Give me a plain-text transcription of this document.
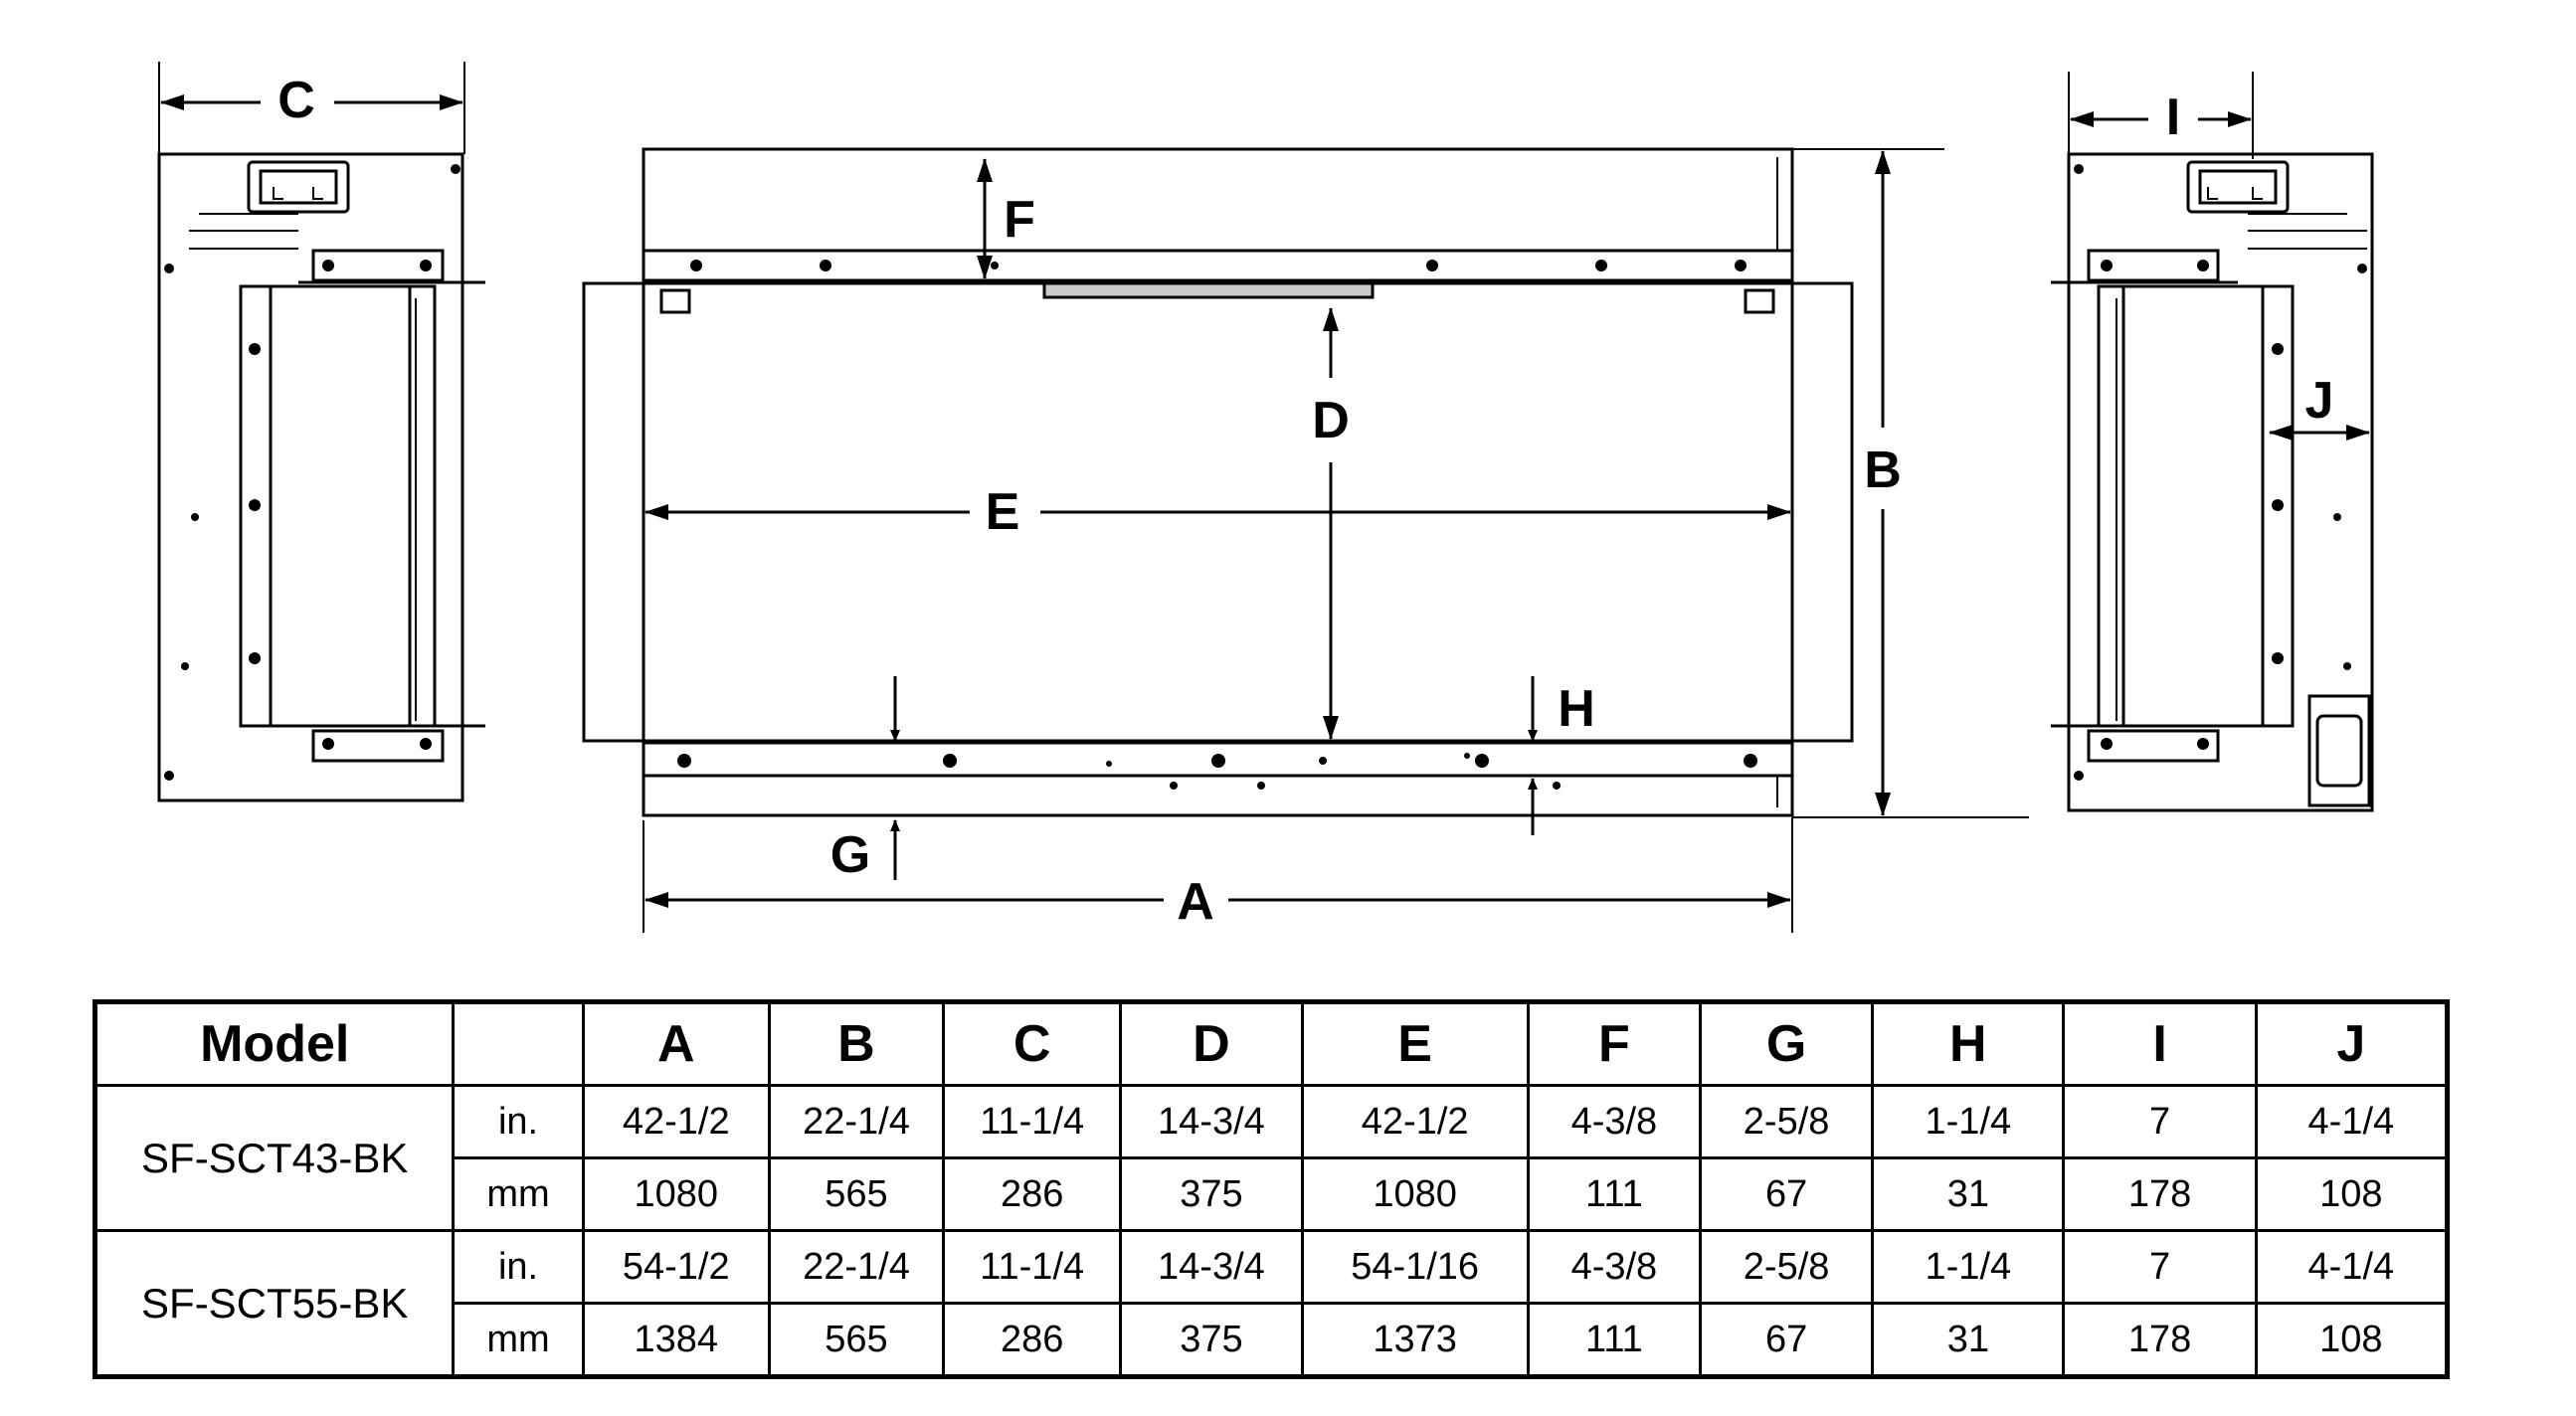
C	I
J
B
F
D
E
H
G
A
Model		A	B	C	D	E	F	G	H	I	J
SF-SCT43-BK	in.	42-1/2	22-1/4	11-1/4	14-3/4	42-1/2	4-3/8	2-5/8	1-1/4	7	4-1/4
	mm	1080	565	286	375	1080	111	67	31	178	108
SF-SCT55-BK	in.	54-1/2	22-1/4	11-1/4	14-3/4	54-1/16	4-3/8	2-5/8	1-1/4	7	4-1/4
	mm	1384	565	286	375	1373	111	67	31	178	108
